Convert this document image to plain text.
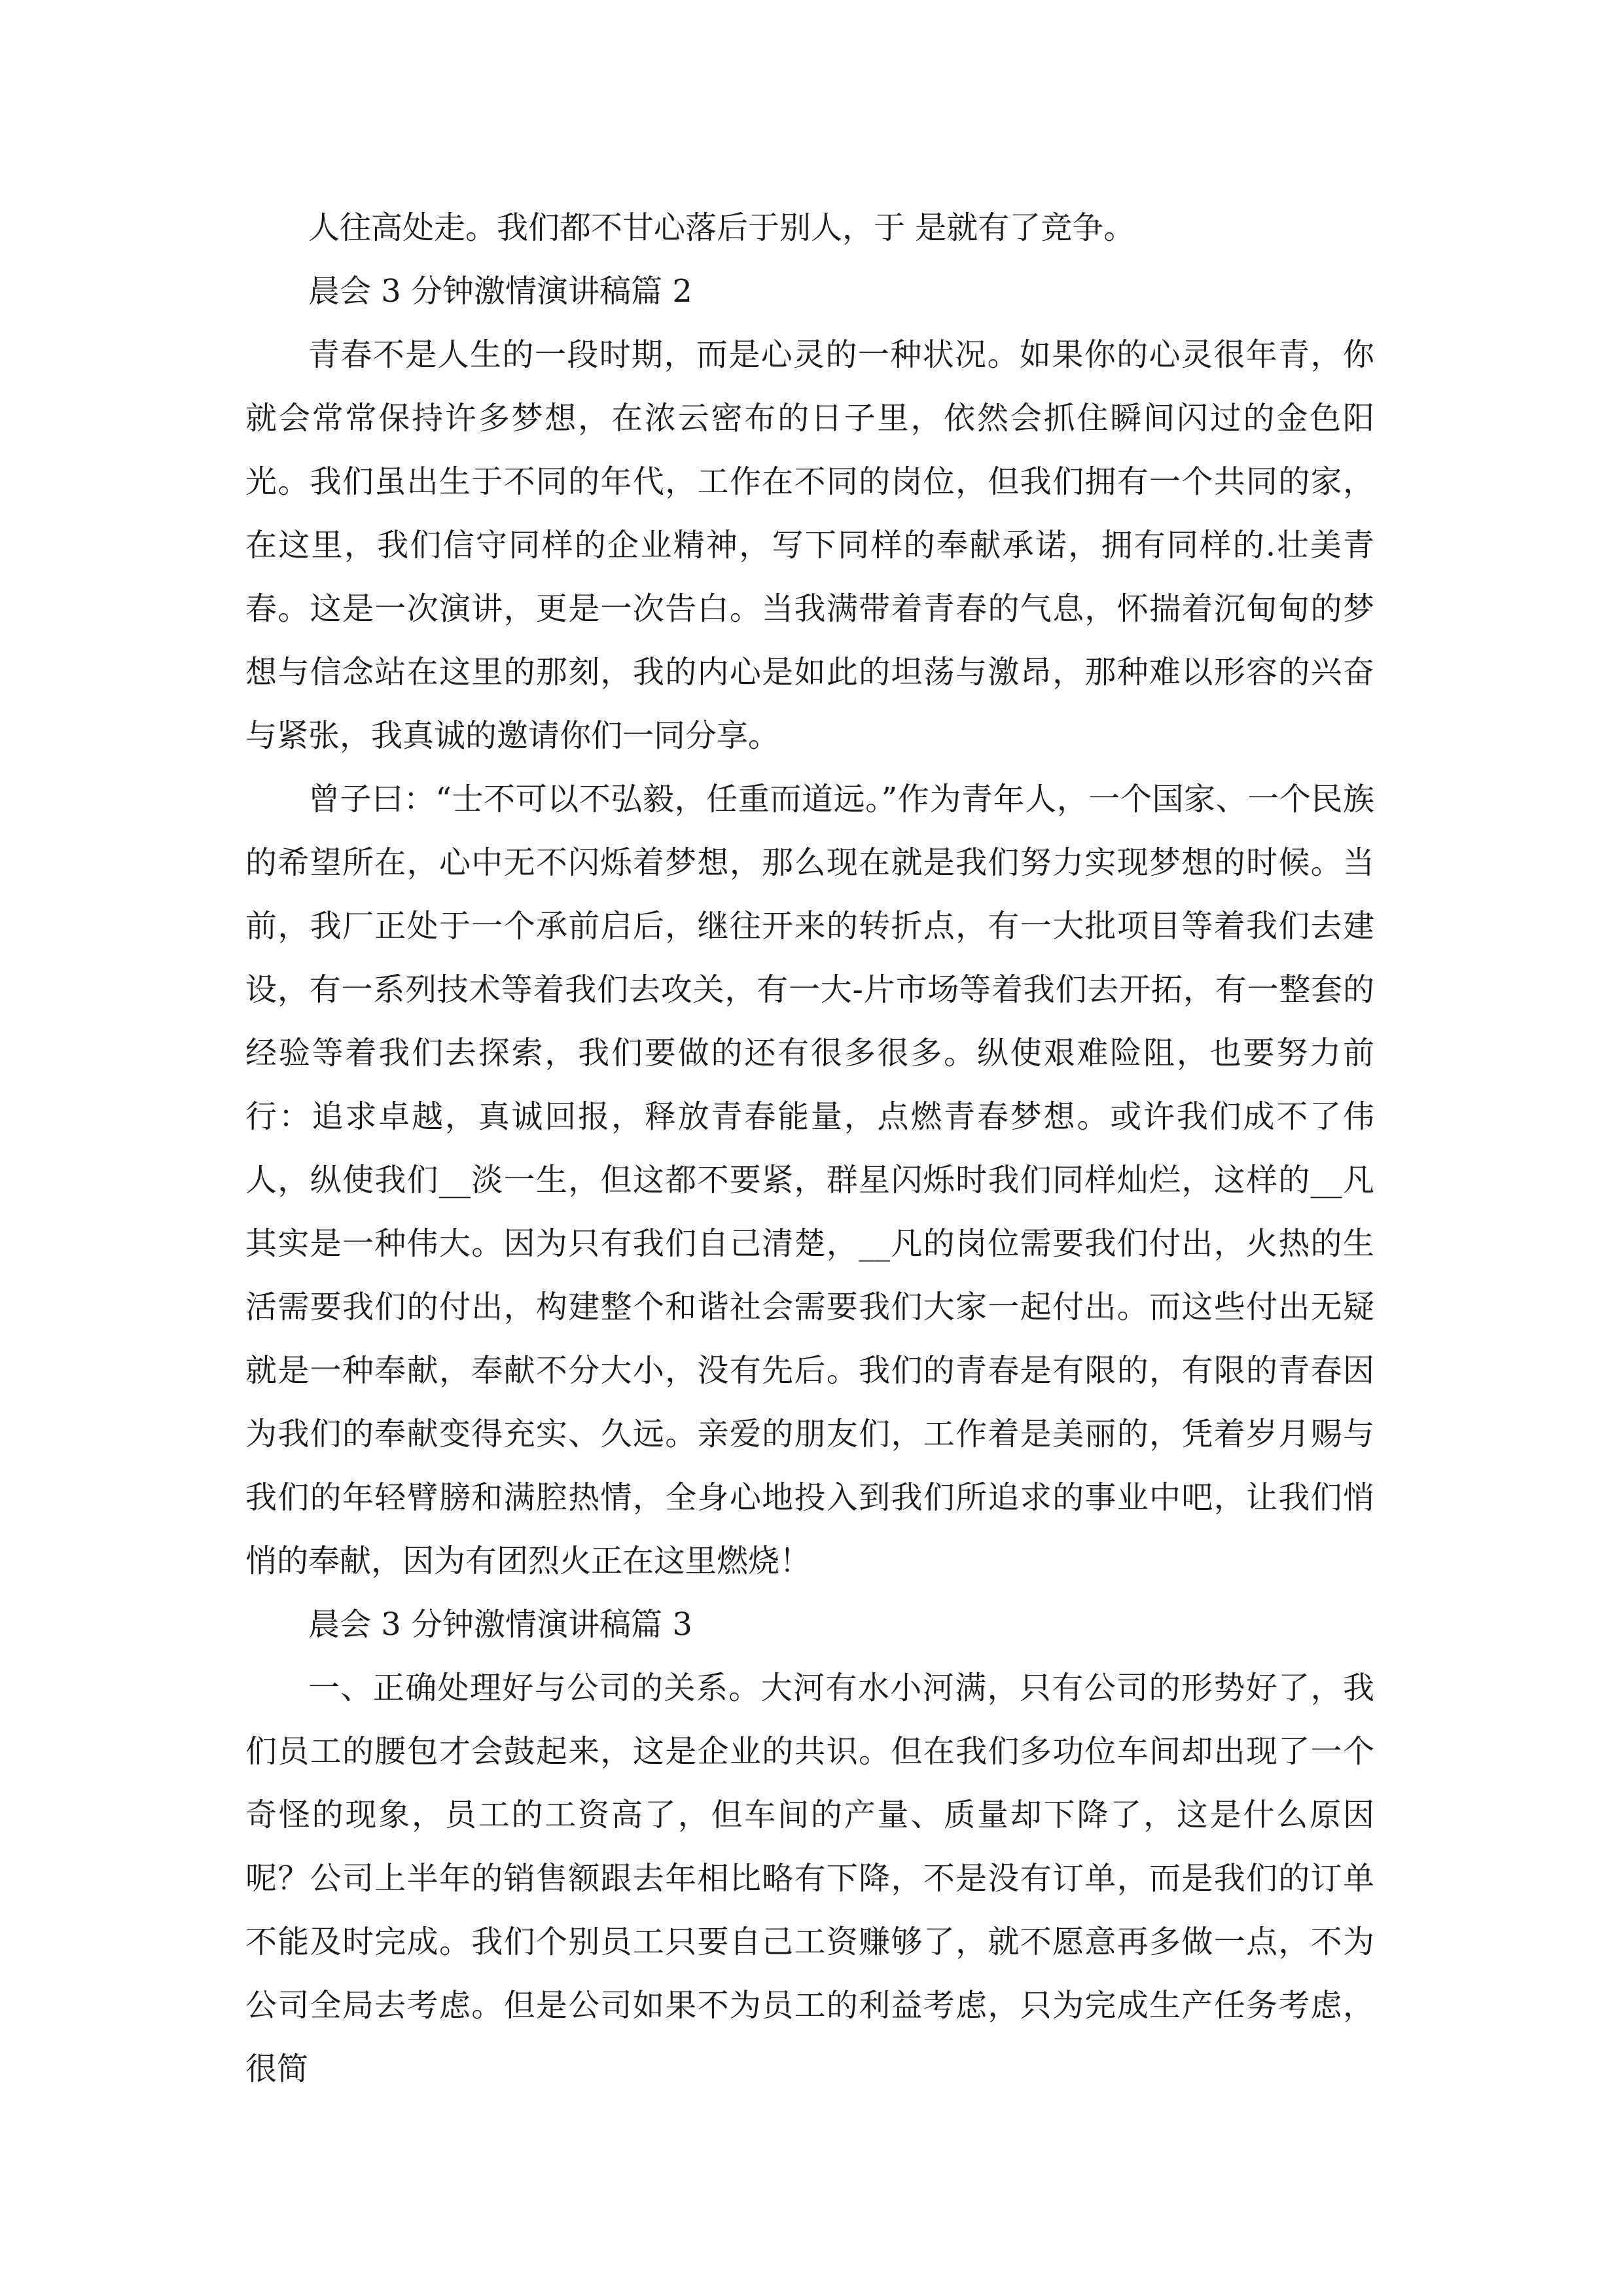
人往高处走。我们都不甘心落后于别人，于 是就有了竞争。

晨会 3 分钟激情演讲稿篇 2

青春不是人生的一段时期，而是心灵的一种状况。如果你的心灵很年青，你就会常常保持许多梦想，在浓云密布的日子里，依然会抓住瞬间闪过的金色阳光。我们虽出生于不同的年代，工作在不同的岗位，但我们拥有一个共同的家，在这里，我们信守同样的企业精神，写下同样的奉献承诺，拥有同样的.壮美青春。这是一次演讲，更是一次告白。当我满带着青春的气息，怀揣着沉甸甸的梦想与信念站在这里的那刻，我的内心是如此的坦荡与激昂，那种难以形容的兴奋与紧张，我真诚的邀请你们一同分享。

曾子曰：“士不可以不弘毅，任重而道远。”作为青年人，一个国家、一个民族的希望所在，心中无不闪烁着梦想，那么现在就是我们努力实现梦想的时候。当前，我厂正处于一个承前启后，继往开来的转折点，有一大批项目等着我们去建设，有一系列技术等着我们去攻关，有一大-片市场等着我们去开拓，有一整套的经验等着我们去探索，我们要做的还有很多很多。纵使艰难险阻，也要努力前行：追求卓越，真诚回报，释放青春能量，点燃青春梦想。或许我们成不了伟人，纵使我们__淡一生，但这都不要紧，群星闪烁时我们同样灿烂，这样的__凡其实是一种伟大。因为只有我们自己清楚，__凡的岗位需要我们付出，火热的生活需要我们的付出，构建整个和谐社会需要我们大家一起付出。而这些付出无疑就是一种奉献，奉献不分大小，没有先后。我们的青春是有限的，有限的青春因为我们的奉献变得充实、久远。亲爱的朋友们，工作着是美丽的，凭着岁月赐与我们的年轻臂膀和满腔热情，全身心地投入到我们所追求的事业中吧，让我们悄悄的奉献，因为有团烈火正在这里燃烧！

晨会 3 分钟激情演讲稿篇 3

一、正确处理好与公司的关系。大河有水小河满，只有公司的形势好了，我们员工的腰包才会鼓起来，这是企业的共识。但在我们多功位车间却出现了一个奇怪的现象，员工的工资高了，但车间的产量、质量却下降了，这是什么原因呢？公司上半年的销售额跟去年相比略有下降，不是没有订单，而是我们的订单不能及时完成。我们个别员工只要自己工资赚够了，就不愿意再多做一点，不为公司全局去考虑。但是公司如果不为员工的利益考虑，只为完成生产任务考虑，很简
